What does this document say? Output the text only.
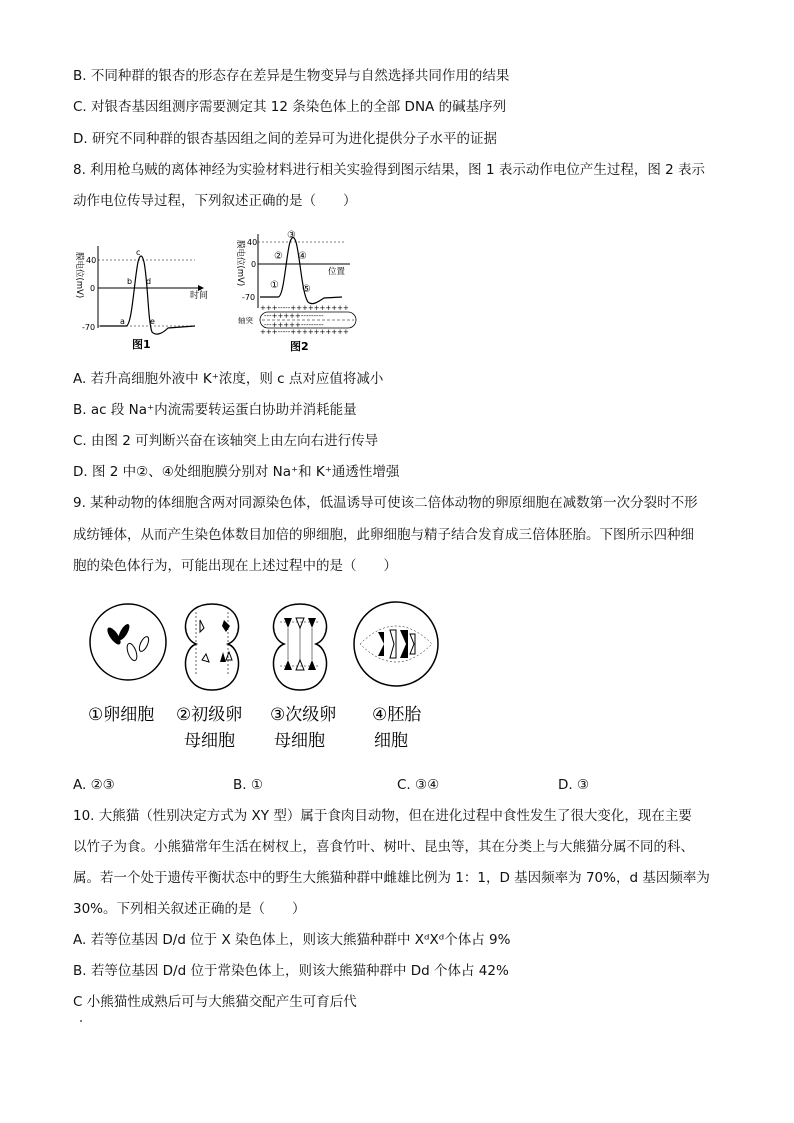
B. 不同种群的银杏的形态存在差异是生物变异与自然选择共同作用的结果
C. 对银杏基因组测序需要测定其 12 条染色体上的全部 DNA 的碱基序列
D. 研究不同种群的银杏基因组之间的差异可为进化提供分子水平的证据
8. 利用枪乌贼的离体神经为实验材料进行相关实验得到图示结果，图 1 表示动作电位产生过程，图 2 表示
动作电位传导过程，下列叙述正确的是（　　）
膜电位(mV)	时间
40
0
-70
a
b
c
d
e
图1
膜电位(mV)	位置
40
0
-70
①
②
③
④
⑤
+++-----++++++++++
---+++++---------
---+++++---------
+++-----++++++++++
轴突
图2
A. 若升高细胞外液中 K⁺浓度，则 c 点对应值将减小
B. ac 段 Na⁺内流需要转运蛋白协助并消耗能量
C. 由图 2 可判断兴奋在该轴突上由左向右进行传导
D. 图 2 中②、④处细胞膜分别对 Na⁺和 K⁺通透性增强
9. 某种动物的体细胞含两对同源染色体，低温诱导可使该二倍体动物的卵原细胞在减数第一次分裂时不形
成纺锤体，从而产生染色体数目加倍的卵细胞，此卵细胞与精子结合发育成三倍体胚胎。下图所示四种细
胞的染色体行为，可能出现在上述过程中的是（　　）
①卵细胞 ②初级卵
母细胞
③次级卵
母细胞
④胚胎
细胞
A. ②③	B. ①	C. ③④	D. ③
10. 大熊猫（性别决定方式为 XY 型）属于食肉目动物，但在进化过程中食性发生了很大变化，现在主要
以竹子为食。小熊猫常年生活在树杈上，喜食竹叶、树叶、昆虫等，其在分类上与大熊猫分属不同的科、
属。若一个处于遗传平衡状态中的野生大熊猫种群中雌雄比例为 1：1，D 基因频率为 70%，d 基因频率为
30%。下列相关叙述正确的是（　　）
A. 若等位基因 D/d 位于 X 染色体上，则该大熊猫种群中 XᵈXᵈ个体占 9%
B. 若等位基因 D/d 位于常染色体上，则该大熊猫种群中 Dd 个体占 42%
C 小熊猫性成熟后可与大熊猫交配产生可育后代
